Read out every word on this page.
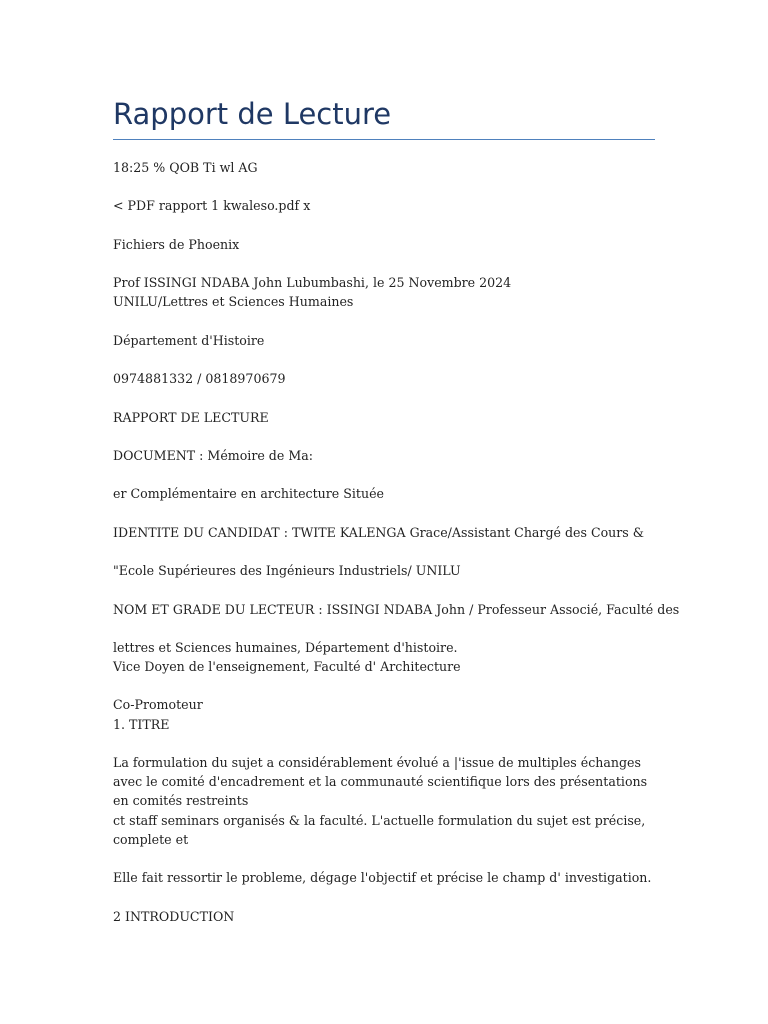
Rapport de Lecture

18:25 % QOB Ti wl AG

< PDF rapport 1 kwaleso.pdf x

Fichiers de Phoenix

Prof ISSINGI NDABA John Lubumbashi, le 25 Novembre 2024
UNILU/Lettres et Sciences Humaines

Département d'Histoire

0974881332 / 0818970679

RAPPORT DE LECTURE

DOCUMENT : Mémoire de Ma:

er Complémentaire en architecture Située

IDENTITE DU CANDIDAT : TWITE KALENGA Grace/Assistant Chargé des Cours &

"Ecole Supérieures des Ingénieurs Industriels/ UNILU

NOM ET GRADE DU LECTEUR : ISSINGI NDABA John / Professeur Associé, Faculté des

lettres et Sciences humaines, Département d'histoire.
Vice Doyen de l'enseignement, Faculté d' Architecture

Co-Promoteur
1. TITRE

La formulation du sujet a considérablement évolué a |'issue de multiples échanges avec le comité d'encadrement et la communauté scientifique lors des présentations en comités restreints
ct staff seminars organisés & la faculté. L'actuelle formulation du sujet est précise, complete et

Elle fait ressortir le probleme, dégage l'objectif et précise le champ d' investigation.

2 INTRODUCTION
